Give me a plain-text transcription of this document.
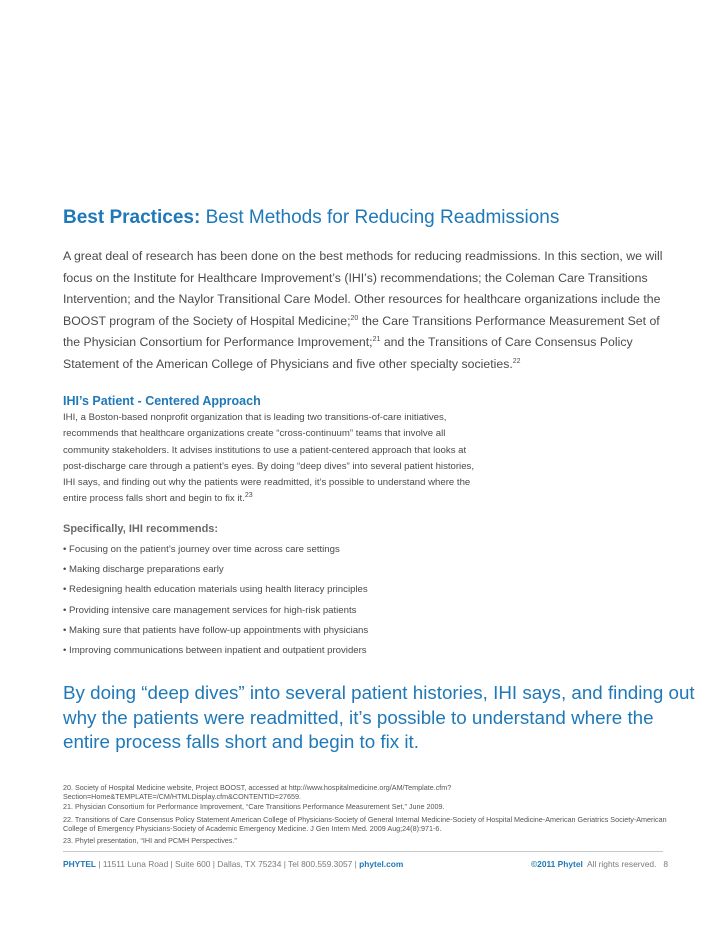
Best Practices: Best Methods for Reducing Readmissions
A great deal of research has been done on the best methods for reducing readmissions. In this section, we will focus on the Institute for Healthcare Improvement’s (IHI’s) recommendations; the Coleman Care Transitions Intervention; and the Naylor Transitional Care Model. Other resources for healthcare organizations include the BOOST program of the Society of Hospital Medicine;$^{20}$ the Care Transitions Performance Measurement Set of the Physician Consortium for Performance Improvement;$^{21}$ and the Transitions of Care Consensus Policy Statement of the American College of Physicians and five other specialty societies.$^{22}$
IHI’s Patient - Centered Approach
IHI, a Boston-based nonprofit organization that is leading two transitions-of-care initiatives, recommends that healthcare organizations create “cross-continuum” teams that involve all community stakeholders. It advises institutions to use a patient-centered approach that looks at post-discharge care through a patient’s eyes. By doing “deep dives” into several patient histories, IHI says, and finding out why the patients were readmitted, it’s possible to understand where the entire process falls short and begin to fix it.$^{23}$
Specifically, IHI recommends:
• Focusing on the patient’s journey over time across care settings
• Making discharge preparations early
• Redesigning health education materials using health literacy principles
• Providing intensive care management services for high-risk patients
• Making sure that patients have follow-up appointments with physicians
• Improving communications between inpatient and outpatient providers
By doing “deep dives” into several patient histories, IHI says, and finding out why the patients were readmitted, it’s possible to understand where the entire process falls short and begin to fix it.
20. Society of Hospital Medicine website, Project BOOST, accessed at http://www.hospitalmedicine.org/AM/Template.cfm?Section=Home&TEMPLATE=/CM/HTMLDisplay.cfm&CONTENTID=27659.
21. Physician Consortium for Performance Improvement, “Care Transitions Performance Measurement Set,” June 2009.
22. Transitions of Care Consensus Policy Statement American College of Physicians-Society of General Internal Medicine-Society of Hospital Medicine-American Geriatrics Society-American College of Emergency Physicians-Society of Academic Emergency Medicine. J Gen Intern Med. 2009 Aug;24(8):971-6.
23. Phytel presentation, “IHI and PCMH Perspectives.”
PHYTEL | 11511 Luna Road | Suite 600 | Dallas, TX 75234 | Tel 800.559.3057 | phytel.com	©2011 Phytel  All rights reserved.   8
